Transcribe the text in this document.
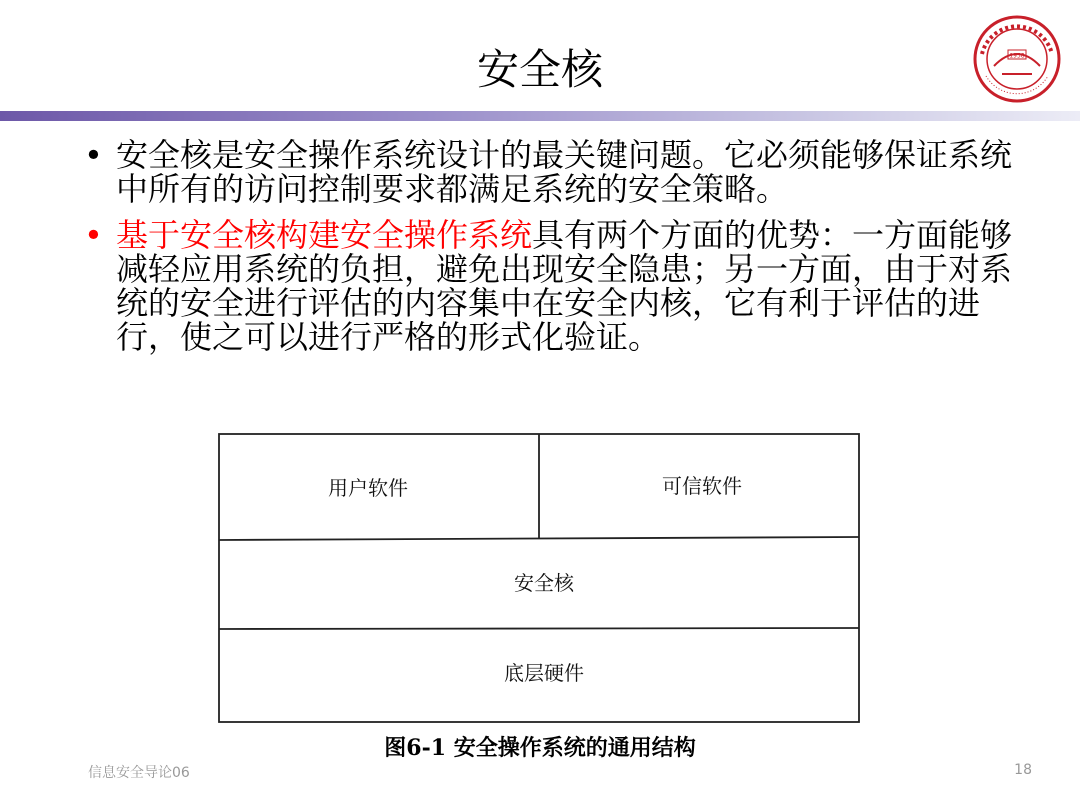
安全核	1958
• 安全核是安全操作系统设计的最关键问题。它必须能够保证系统中所有的访问控制要求都满足系统的安全策略。
• 基于安全核构建安全操作系统具有两个方面的优势：一方面能够减轻应用系统的负担，避免出现安全隐患；另一方面，由于对系统的安全进行评估的内容集中在安全内核，它有利于评估的进行，使之可以进行严格的形式化验证。
用户软件	可信软件
安全核
底层硬件
图6-1 安全操作系统的通用结构
信息安全导论06	18
